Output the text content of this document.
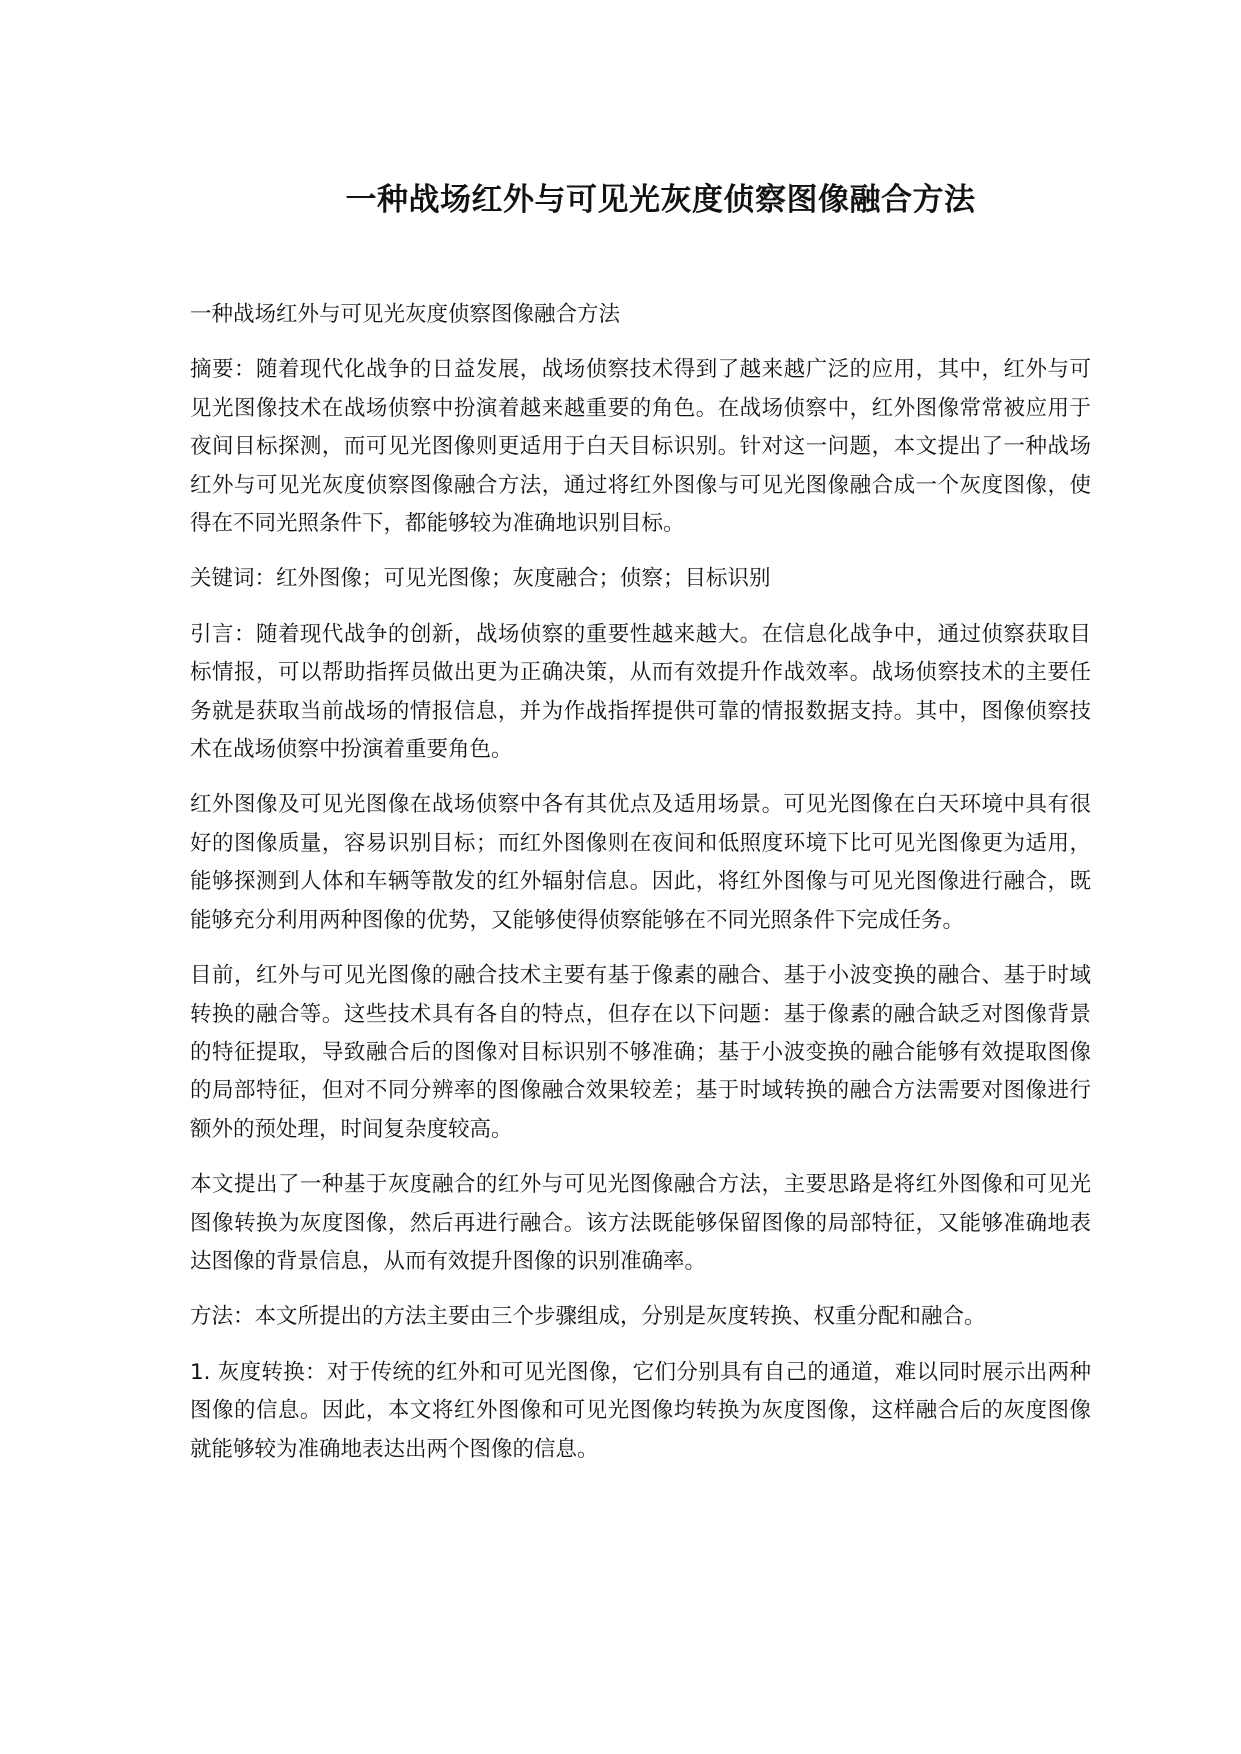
一种战场红外与可见光灰度侦察图像融合方法

一种战场红外与可见光灰度侦察图像融合方法

摘要：随着现代化战争的日益发展，战场侦察技术得到了越来越广泛的应用，其中，红外与可见光图像技术在战场侦察中扮演着越来越重要的角色。在战场侦察中，红外图像常常被应用于夜间目标探测，而可见光图像则更适用于白天目标识别。针对这一问题，本文提出了一种战场红外与可见光灰度侦察图像融合方法，通过将红外图像与可见光图像融合成一个灰度图像，使得在不同光照条件下，都能够较为准确地识别目标。

关键词：红外图像；可见光图像；灰度融合；侦察；目标识别

引言：随着现代战争的创新，战场侦察的重要性越来越大。在信息化战争中，通过侦察获取目标情报，可以帮助指挥员做出更为正确决策，从而有效提升作战效率。战场侦察技术的主要任务就是获取当前战场的情报信息，并为作战指挥提供可靠的情报数据支持。其中，图像侦察技术在战场侦察中扮演着重要角色。

红外图像及可见光图像在战场侦察中各有其优点及适用场景。可见光图像在白天环境中具有很好的图像质量，容易识别目标；而红外图像则在夜间和低照度环境下比可见光图像更为适用，能够探测到人体和车辆等散发的红外辐射信息。因此，将红外图像与可见光图像进行融合，既能够充分利用两种图像的优势，又能够使得侦察能够在不同光照条件下完成任务。

目前，红外与可见光图像的融合技术主要有基于像素的融合、基于小波变换的融合、基于时域转换的融合等。这些技术具有各自的特点，但存在以下问题：基于像素的融合缺乏对图像背景的特征提取，导致融合后的图像对目标识别不够准确；基于小波变换的融合能够有效提取图像的局部特征，但对不同分辨率的图像融合效果较差；基于时域转换的融合方法需要对图像进行额外的预处理，时间复杂度较高。

本文提出了一种基于灰度融合的红外与可见光图像融合方法，主要思路是将红外图像和可见光图像转换为灰度图像，然后再进行融合。该方法既能够保留图像的局部特征，又能够准确地表达图像的背景信息，从而有效提升图像的识别准确率。

方法：本文所提出的方法主要由三个步骤组成，分别是灰度转换、权重分配和融合。

1. 灰度转换：对于传统的红外和可见光图像，它们分别具有自己的通道，难以同时展示出两种图像的信息。因此，本文将红外图像和可见光图像均转换为灰度图像，这样融合后的灰度图像就能够较为准确地表达出两个图像的信息。
